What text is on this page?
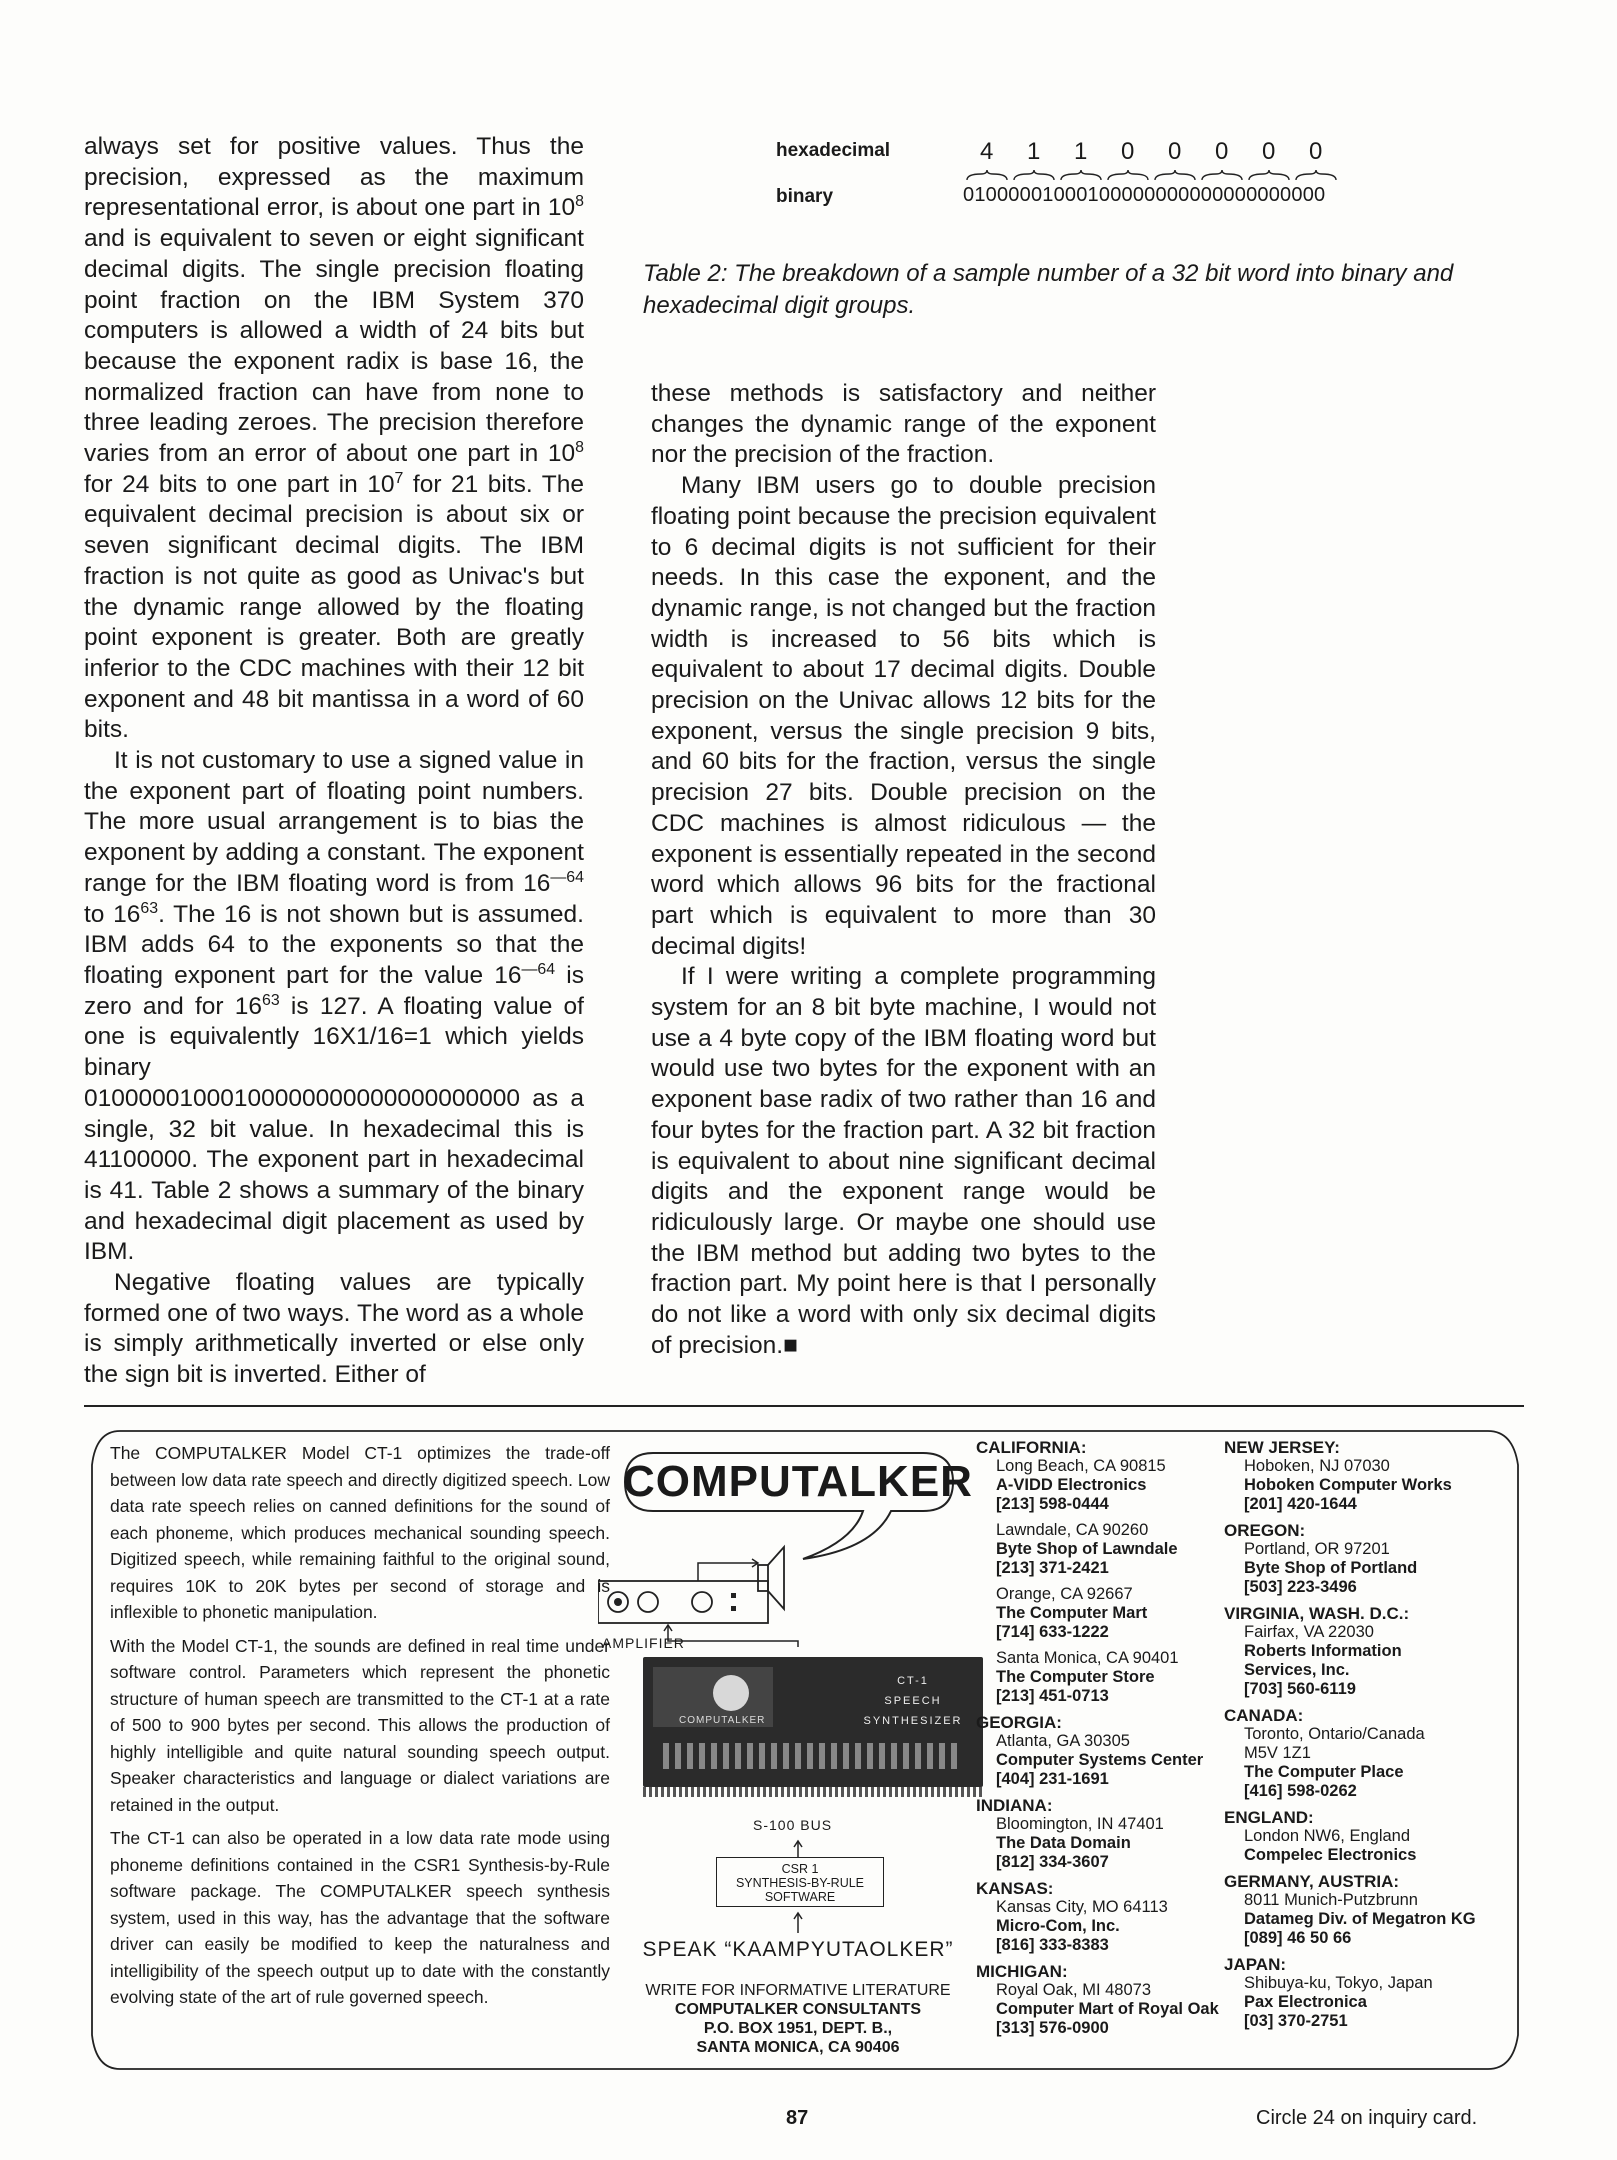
always set for positive values. Thus the precision, expressed as the maximum representational error, is about one part in $10^8$ and is equivalent to seven or eight significant decimal digits. The single precision floating point fraction on the IBM System 370 computers is allowed a width of 24 bits but because the exponent radix is base 16, the normalized fraction can have from none to three leading zeroes. The precision therefore varies from an error of about one part in $10^8$ for 24 bits to one part in $10^7$ for 21 bits. The equivalent decimal precision is about six or seven significant decimal digits. The IBM fraction is not quite as good as Univac's but the dynamic range allowed by the floating point exponent is greater. Both are greatly inferior to the CDC machines with their 12 bit exponent and 48 bit mantissa in a word of 60 bits.

It is not customary to use a signed value in the exponent part of floating point numbers. The more usual arrangement is to bias the exponent by adding a constant. The exponent range for the IBM floating word is from $16^{—64}$ to $16^{63}$. The 16 is not shown but is assumed. IBM adds 64 to the exponents so that the floating exponent part for the value $16^{—64}$ is zero and for $16^{63}$ is 127. A floating value of one is equivalently 16X1/16=1 which yields binary 01000001000100000000000000000000 as a single, 32 bit value. In hexadecimal this is 41100000. The exponent part in hexadecimal is 41. Table 2 shows a summary of the binary and hexadecimal digit placement as used by IBM.

Negative floating values are typically formed one of two ways. The word as a whole is simply arithmetically inverted or else only the sign bit is inverted. Either of

hexadecimal
binary
4 1 1 0 0 0 0 0
01000001000100000000000000000000
Table 2: The breakdown of a sample number of a 32 bit word into binary and hexadecimal digit groups.

these methods is satisfactory and neither changes the dynamic range of the exponent nor the precision of the fraction.

Many IBM users go to double precision floating point because the precision equivalent to 6 decimal digits is not sufficient for their needs. In this case the exponent, and the dynamic range, is not changed but the fraction width is increased to 56 bits which is equivalent to about 17 decimal digits. Double precision on the Univac allows 12 bits for the exponent, versus the single precision 9 bits, and 60 bits for the fraction, versus the single precision 27 bits. Double precision on the CDC machines is almost ridiculous — the exponent is essentially repeated in the second word which allows 96 bits for the fractional part which is equivalent to more than 30 decimal digits!

If I were writing a complete programming system for an 8 bit byte machine, I would not use a 4 byte copy of the IBM floating word but would use two bytes for the exponent with an exponent base radix of two rather than 16 and four bytes for the fraction part. A 32 bit fraction is equivalent to about nine significant decimal digits and the exponent range would be ridiculously large. Or maybe one should use the IBM method but adding two bytes to the fraction part. My point here is that I personally do not like a word with only six decimal digits of precision.■

The COMPUTALKER Model CT-1 optimizes the trade-off between low data rate speech and directly digitized speech. Low data rate speech relies on canned definitions for the sound of each phoneme, which produces mechanical sounding speech. Digitized speech, while remaining faithful to the original sound, requires 10K to 20K bytes per second of storage and is inflexible to phonetic manipulation.

With the Model CT-1, the sounds are defined in real time under software control. Parameters which represent the phonetic structure of human speech are transmitted to the CT-1 at a rate of 500 to 900 bytes per second. This allows the production of highly intelligible and quite natural sounding speech output. Speaker characteristics and language or dialect variations are retained in the output.

The CT-1 can also be operated in a low data rate mode using phoneme definitions contained in the CSR1 Synthesis-by-Rule software package. The COMPUTALKER speech synthesis system, used in this way, has the advantage that the software driver can easily be modified to keep the naturalness and intelligibility of the speech output up to date with the constantly evolving state of the art of rule governed speech.

COMPUTALKER
AMPLIFIER
COMPUTALKER
CT-1
SPEECH
SYNTHESIZER
S-100 BUS
CSR 1
SYNTHESIS-BY-RULE
SOFTWARE
SPEAK “KAAMPYUTAOLKER”
WRITE FOR INFORMATIVE LITERATURE
COMPUTALKER CONSULTANTS
P.O. BOX 1951, DEPT. B.,
SANTA MONICA, CA 90406
CALIFORNIA:
Long Beach, CA 90815
A-VIDD Electronics
[213] 598-0444
Lawndale, CA 90260
Byte Shop of Lawndale
[213] 371-2421
Orange, CA 92667
The Computer Mart
[714] 633-1222
Santa Monica, CA 90401
The Computer Store
[213] 451-0713
GEORGIA:
Atlanta, GA 30305
Computer Systems Center
[404] 231-1691
INDIANA:
Bloomington, IN 47401
The Data Domain
[812] 334-3607
KANSAS:
Kansas City, MO 64113
Micro-Com, Inc.
[816] 333-8383
MICHIGAN:
Royal Oak, MI 48073
Computer Mart of Royal Oak
[313] 576-0900
NEW JERSEY:
Hoboken, NJ 07030
Hoboken Computer Works
[201] 420-1644
OREGON:
Portland, OR 97201
Byte Shop of Portland
[503] 223-3496
VIRGINIA, WASH. D.C.:
Fairfax, VA 22030
Roberts Information
Services, Inc.
[703] 560-6119
CANADA:
Toronto, Ontario/Canada
M5V 1Z1
The Computer Place
[416] 598-0262
ENGLAND:
London NW6, England
Compelec Electronics
GERMANY, AUSTRIA:
8011 Munich-Putzbrunn
Datameg Div. of Megatron KG
[089] 46 50 66
JAPAN:
Shibuya-ku, Tokyo, Japan
Pax Electronica
[03] 370-2751
87	Circle 24 on inquiry card.
